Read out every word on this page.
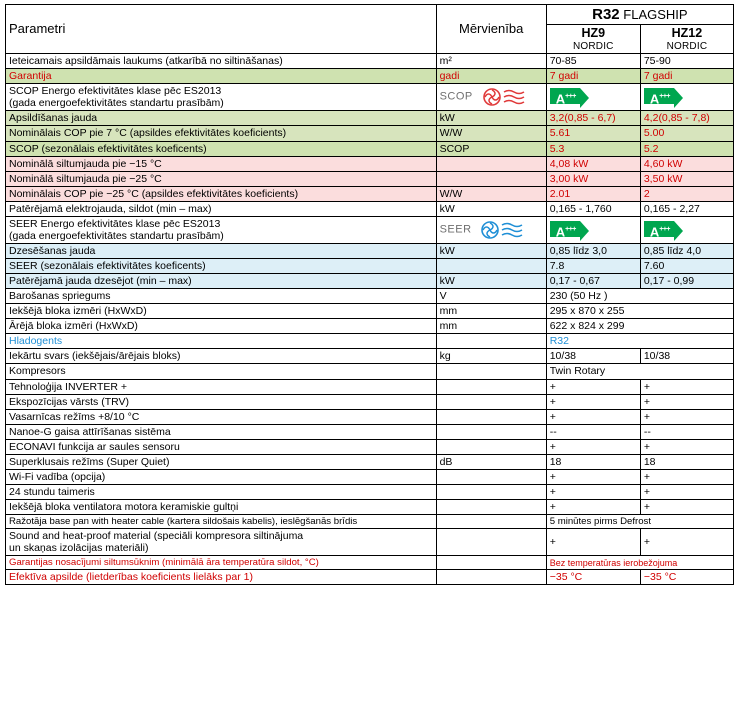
Parametri	Mērvienība	R32 FLAGSHIP	

HZ9
NORDIC

HZ12
NORDIC

Ieteicamais apsildāmais laukums (atkarībā no siltināšanas)	m²	70-85	75-90
Garantija	gadi	7 gadi	7 gadi

SCOP Energo efektivitātes klase pēc ES2013
(gada energoefektivitātes standartu prasībām)	SCOP	A+++	A+++
Apsildīšanas jauda	kW	3,2(0,85 - 6,7)	4,2(0,85 - 7,8)
Nominālais COP pie 7 °C (apsildes efektivitātes koeficients)	W/W	5.61	5.00
SCOP (sezonālais efektivitātes koeficents)	SCOP	5.3	5.2
Nominālā siltumjauda pie −15 °C		4,08 kW	4,60 kW
Nominālā siltumjauda pie −25 °C		3,00 kW	3,50 kW
Nominālais COP pie −25 °C (apsildes efektivitātes koeficients)	W/W	2.01	2
Patērējamā elektrojauda, sildot (min – max)	kW	0,165 - 1,760	0,165 - 2,27

SEER Energo efektivitātes klase pēc ES2013
(gada energoefektivitātes standartu prasībām)	SEER	A+++	A+++
Dzesēšanas jauda	kW	0,85 līdz 3,0	0,85 līdz 4,0
SEER (sezonālais efektivitātes koeficents)		7.8	7.60
Patērējamā jauda dzesējot (min – max)	kW	0,17 - 0,67	0,17 - 0,99
Barošanas spriegums	V	230 (50 Hz )	
Iekšējā bloka izmēri (HxWxD)	mm	295 x 870 x 255	
Ārējā bloka izmēri (HxWxD)	mm	622 x 824 x 299	
Hladogents		R32	
Iekārtu svars (iekšējais/ārējais bloks)	kg	10/38	10/38
Kompresors		Twin Rotary	
Tehnoloģija INVERTER +		+	+
Ekspozīcijas vārsts (TRV)		+	+
Vasarnīcas režīms +8/10 °C		+	+
Nanoe-G gaisa attīrīšanas sistēma		--	--
ECONAVI funkcija ar saules sensoru		+	+
Superklusais režīms (Super Quiet)	dB	18	18
Wi-Fi vadība (opcija)		+	+
24 stundu taimeris		+	+
Iekšējā bloka ventilatora motora keramiskie gultņi		+	+
Ražotāja base pan with heater cable (kartera sildošais kabelis), ieslēgšanās brīdis		5 minūtes pirms Defrost	

Sound and heat-proof material (speciāli kompresora siltinājuma
un skaņas izolācijas materiāli)		+	+
Garantijas nosacījumi siltumsūknim (minimālā āra temperatūra sildot, °C)		Bez temperatūras ierobežojuma	
Efektīva apsilde (lietderības koeficients lielāks par 1)		−35 °C	−35 °C
